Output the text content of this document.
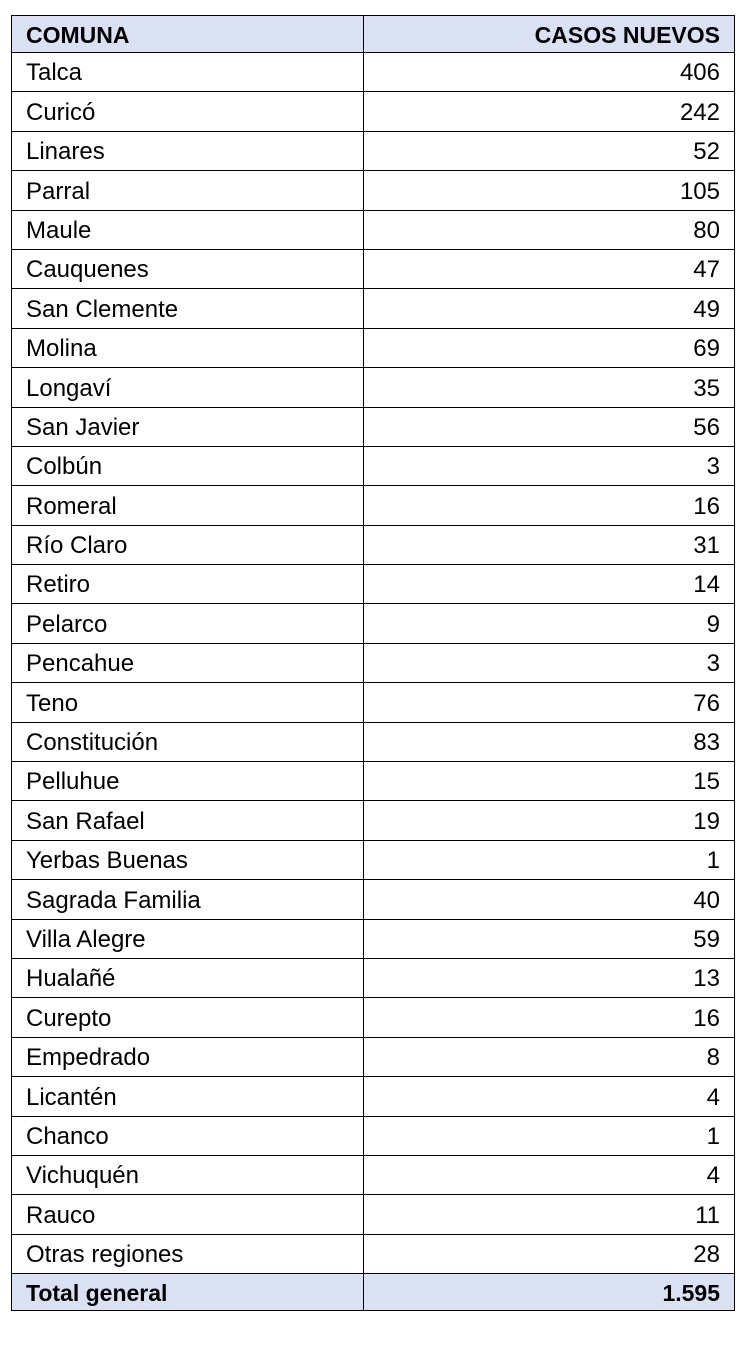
COMUNA	CASOS NUEVOS
Talca	406
Curicó	242
Linares	52
Parral	105
Maule	80
Cauquenes	47
San Clemente	49
Molina	69
Longaví	35
San Javier	56
Colbún	3
Romeral	16
Río Claro	31
Retiro	14
Pelarco	9
Pencahue	3
Teno	76
Constitución	83
Pelluhue	15
San Rafael	19
Yerbas Buenas	1
Sagrada Familia	40
Villa Alegre	59
Hualañé	13
Curepto	16
Empedrado	8
Licantén	4
Chanco	1
Vichuquén	4
Rauco	11
Otras regiones	28
Total general	1.595
